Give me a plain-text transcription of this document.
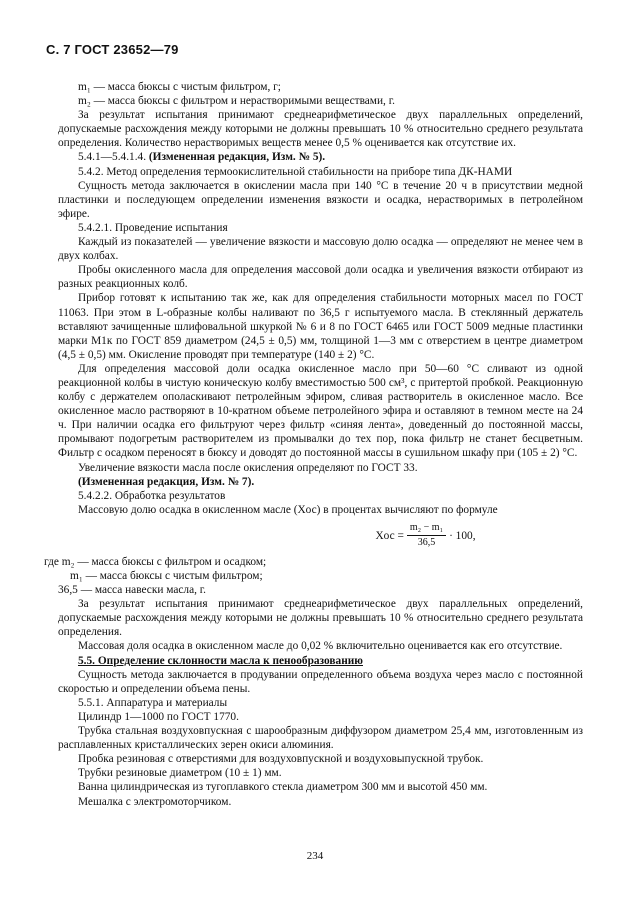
С. 7 ГОСТ 23652—79

m₁ — масса бюксы с чистым фильтром, г;

m₂ — масса бюксы с фильтром и нерастворимыми веществами, г.

За результат испытания принимают среднеарифметическое двух параллельных определений, допускаемые расхождения между которыми не должны превышать 10 % относительно среднего результата определения. Количество нерастворимых веществ менее 0,5 % оценивается как отсутствие их.

5.4.1—5.4.1.4. (Измененная редакция, Изм. № 5).

5.4.2. Метод определения термоокислительной стабильности на приборе типа ДК-НАМИ

Сущность метода заключается в окислении масла при 140 °С в течение 20 ч в присутствии медной пластинки и последующем определении изменения вязкости и осадка, нерастворимых в петролейном эфире.

5.4.2.1. Проведение испытания

Каждый из показателей — увеличение вязкости и массовую долю осадка — определяют не менее чем в двух колбах.

Пробы окисленного масла для определения массовой доли осадка и увеличения вязкости отбирают из разных реакционных колб.

Прибор готовят к испытанию так же, как для определения стабильности моторных масел по ГОСТ 11063. При этом в L-образные колбы наливают по 36,5 г испытуемого масла. В стеклянный держатель вставляют зачищенные шлифовальной шкуркой № 6 и 8 по ГОСТ 6465 или ГОСТ 5009 медные пластинки марки М1к по ГОСТ 859 диаметром (24,5 ± 0,5) мм, толщиной 1—3 мм с отверстием в центре диаметром (4,5 ± 0,5) мм. Окисление проводят при температуре (140 ± 2) °С.

Для определения массовой доли осадка окисленное масло при 50—60 °С сливают из одной реакционной колбы в чистую коническую колбу вместимостью 500 см³, с притертой пробкой. Реакционную колбу с держателем ополаскивают петролейным эфиром, сливая растворитель в окисленное масло. Все окисленное масло растворяют в 10-кратном объеме петролейного эфира и оставляют в темном месте на 24 ч. При наличии осадка его фильтруют через фильтр «синяя лента», доведенный до постоянной массы, промывают подогретым растворителем из промывалки до тех пор, пока фильтр не станет бесцветным. Фильтр с осадком переносят в бюксу и доводят до постоянной массы в сушильном шкафу при (105 ± 2) °С.

Увеличение вязкости масла после окисления определяют по ГОСТ 33.

(Измененная редакция, Изм. № 7).

5.4.2.2. Обработка результатов

Массовую долю осадка в окисленном масле (Xос) в процентах вычисляют по формуле

Xос = $\frac{\text{m₂ − m₁}}{36,5} \cdot 100$,

где m₂ — масса бюксы с фильтром и осадком;

m₁ — масса бюксы с чистым фильтром;

36,5 — масса навески масла, г.

За результат испытания принимают среднеарифметическое двух параллельных определений, допускаемые расхождения между которыми не должны превышать 10 % относительно среднего результата определения.

Массовая доля осадка в окисленном масле до 0,02 % включительно оценивается как его отсутствие.

5.5. Определение склонности масла к пенообразованию

Сущность метода заключается в продувании определенного объема воздуха через масло с постоянной скоростью и определении объема пены.

5.5.1. Аппаратура и материалы

Цилиндр 1—1000 по ГОСТ 1770.

Трубка стальная воздуховпускная с шарообразным диффузором диаметром 25,4 мм, изготовленным из расплавленных кристаллических зерен окиси алюминия.

Пробка резиновая с отверстиями для воздуховпускной и воздуховыпускной трубок.

Трубки резиновые диаметром (10 ± 1) мм.

Ванна цилиндрическая из тугоплавкого стекла диаметром 300 мм и высотой 450 мм.

Мешалка с электромоторчиком.

234
